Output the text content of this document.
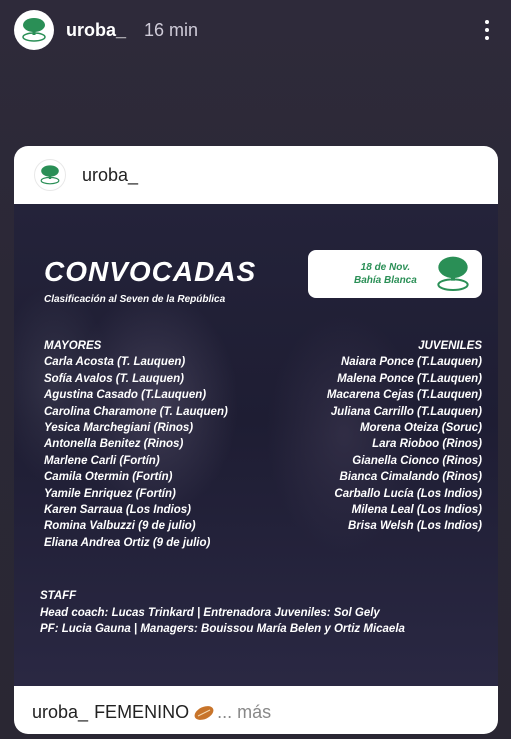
uroba_ 16 min
uroba_
CONVOCADAS
Clasificación al Seven de la República
18 de Nov.
Bahía Blanca
MAYORES
Carla Acosta (T. Lauquen)
Sofía Avalos (T. Lauquen)
Agustina Casado (T.Lauquen)
Carolina Charamone (T. Lauquen)
Yesica Marchegiani (Rinos)
Antonella Benitez (Rinos)
Marlene Carli (Fortín)
Camila Otermin (Fortín)
Yamile Enriquez (Fortín)
Karen Sarraua (Los Indios)
Romina Valbuzzi (9 de julio)
Eliana Andrea Ortiz (9 de julio)
JUVENILES
Naiara Ponce (T.Lauquen)
Malena Ponce (T.Lauquen)
Macarena Cejas (T.Lauquen)
Juliana Carrillo (T.Lauquen)
Morena Oteiza (Soruc)
Lara Rioboo (Rinos)
Gianella Cionco (Rinos)
Bianca Cimalando (Rinos)
Carballo Lucía (Los Indios)
Milena Leal (Los Indios)
Brisa Welsh (Los Indios)
STAFF
Head coach: Lucas Trinkard | Entrenadora Juveniles: Sol Gely
PF: Lucia Gauna | Managers: Bouissou María Belen y Ortiz Micaela
uroba_ FEMENINO ... más
